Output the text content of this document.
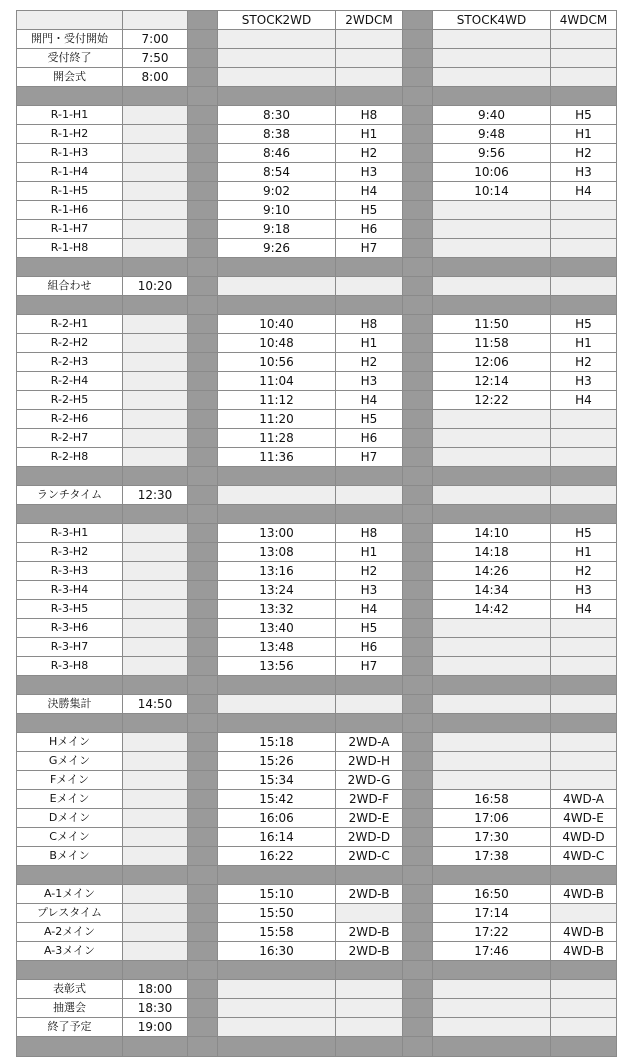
			STOCK2WD	2WDCM		STOCK4WD	4WDCM
開門・受付開始	7:00						
受付終了	7:50						
開会式	8:00						

R-1-H1			8:30	H8		9:40	H5
R-1-H2			8:38	H1		9:48	H1
R-1-H3			8:46	H2		9:56	H2
R-1-H4			8:54	H3		10:06	H3
R-1-H5			9:02	H4		10:14	H4
R-1-H6			9:10	H5			
R-1-H7			9:18	H6			
R-1-H8			9:26	H7			

組合わせ	10:20						

R-2-H1			10:40	H8		11:50	H5
R-2-H2			10:48	H1		11:58	H1
R-2-H3			10:56	H2		12:06	H2
R-2-H4			11:04	H3		12:14	H3
R-2-H5			11:12	H4		12:22	H4
R-2-H6			11:20	H5			
R-2-H7			11:28	H6			
R-2-H8			11:36	H7			

ランチタイム	12:30						

R-3-H1			13:00	H8		14:10	H5
R-3-H2			13:08	H1		14:18	H1
R-3-H3			13:16	H2		14:26	H2
R-3-H4			13:24	H3		14:34	H3
R-3-H5			13:32	H4		14:42	H4
R-3-H6			13:40	H5			
R-3-H7			13:48	H6			
R-3-H8			13:56	H7			

決勝集計	14:50						

Hメイン			15:18	2WD-A			
Gメイン			15:26	2WD-H			
Fメイン			15:34	2WD-G			
Eメイン			15:42	2WD-F		16:58	4WD-A
Dメイン			16:06	2WD-E		17:06	4WD-E
Cメイン			16:14	2WD-D		17:30	4WD-D
Bメイン			16:22	2WD-C		17:38	4WD-C

A-1メイン			15:10	2WD-B		16:50	4WD-B
プレスタイム			15:50			17:14	
A-2メイン			15:58	2WD-B		17:22	4WD-B
A-3メイン			16:30	2WD-B		17:46	4WD-B

表彰式	18:00						
抽選会	18:30						
終了予定	19:00						
